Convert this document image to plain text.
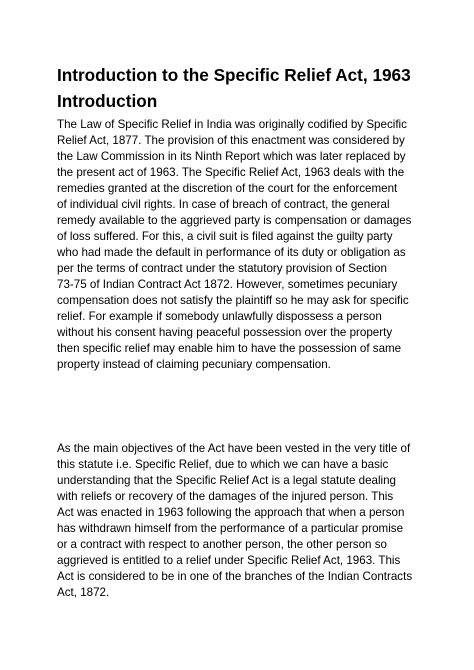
Introduction to the Specific Relief Act, 1963
Introduction

The Law of Specific Relief in India was originally codified by Specific
Relief Act, 1877. The provision of this enactment was considered by
the Law Commission in its Ninth Report which was later replaced by
the present act of 1963. The Specific Relief Act, 1963 deals with the
remedies granted at the discretion of the court for the enforcement
of individual civil rights. In case of breach of contract, the general
remedy available to the aggrieved party is compensation or damages
of loss suffered. For this, a civil suit is filed against the guilty party
who had made the default in performance of its duty or obligation as
per the terms of contract under the statutory provision of Section
73-75 of Indian Contract Act 1872. However, sometimes pecuniary
compensation does not satisfy the plaintiff so he may ask for specific
relief. For example if somebody unlawfully dispossess a person
without his consent having peaceful possession over the property
then specific relief may enable him to have the possession of same
property instead of claiming pecuniary compensation.

As the main objectives of the Act have been vested in the very title of
this statute i.e. Specific Relief, due to which we can have a basic
understanding that the Specific Relief Act is a legal statute dealing
with reliefs or recovery of the damages of the injured person. This
Act was enacted in 1963 following the approach that when a person
has withdrawn himself from the performance of a particular promise
or a contract with respect to another person, the other person so
aggrieved is entitled to a relief under Specific Relief Act, 1963. This
Act is considered to be in one of the branches of the Indian Contracts
Act, 1872.
